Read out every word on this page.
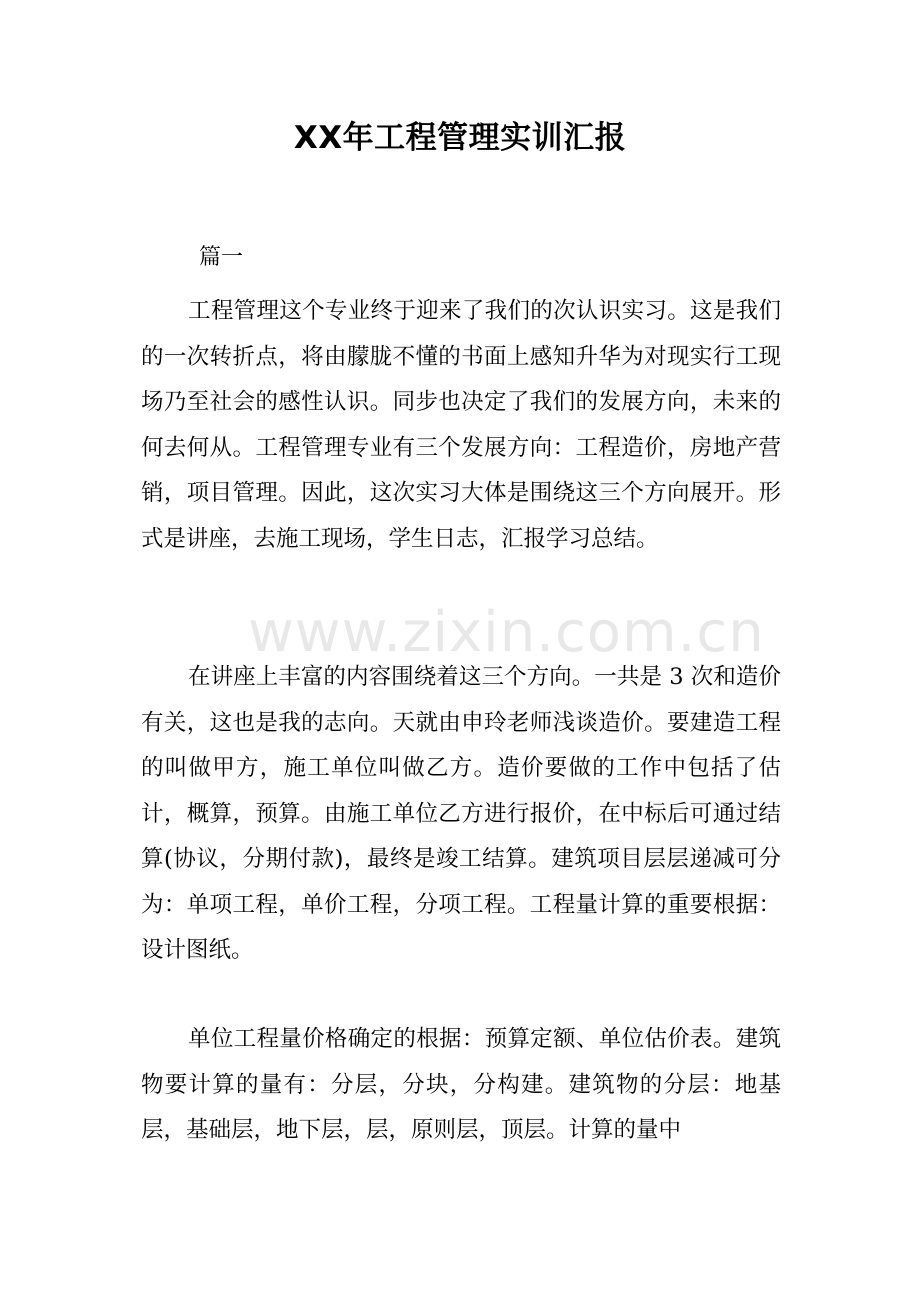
XX年工程管理实训汇报
篇一

工程管理这个专业终于迎来了我们的次认识实习。这是我们的一次转折点，将由朦胧不懂的书面上感知升华为对现实行工现场乃至社会的感性认识。同步也决定了我们的发展方向，未来的何去何从。工程管理专业有三个发展方向：工程造价，房地产营销，项目管理。因此，这次实习大体是围绕这三个方向展开。形式是讲座，去施工现场，学生日志，汇报学习总结。

在讲座上丰富的内容围绕着这三个方向。一共是 3 次和造价有关，这也是我的志向。天就由申玲老师浅谈造价。要建造工程的叫做甲方，施工单位叫做乙方。造价要做的工作中包括了估计，概算，预算。由施工单位乙方进行报价，在中标后可通过结算(协议，分期付款)，最终是竣工结算。建筑项目层层递减可分为：单项工程，单价工程，分项工程。工程量计算的重要根据：设计图纸。

单位工程量价格确定的根据：预算定额、单位估价表。建筑物要计算的量有：分层，分块，分构建。建筑物的分层：地基层，基础层，地下层，层，原则层，顶层。计算的量中

www.zixin.com.cn
